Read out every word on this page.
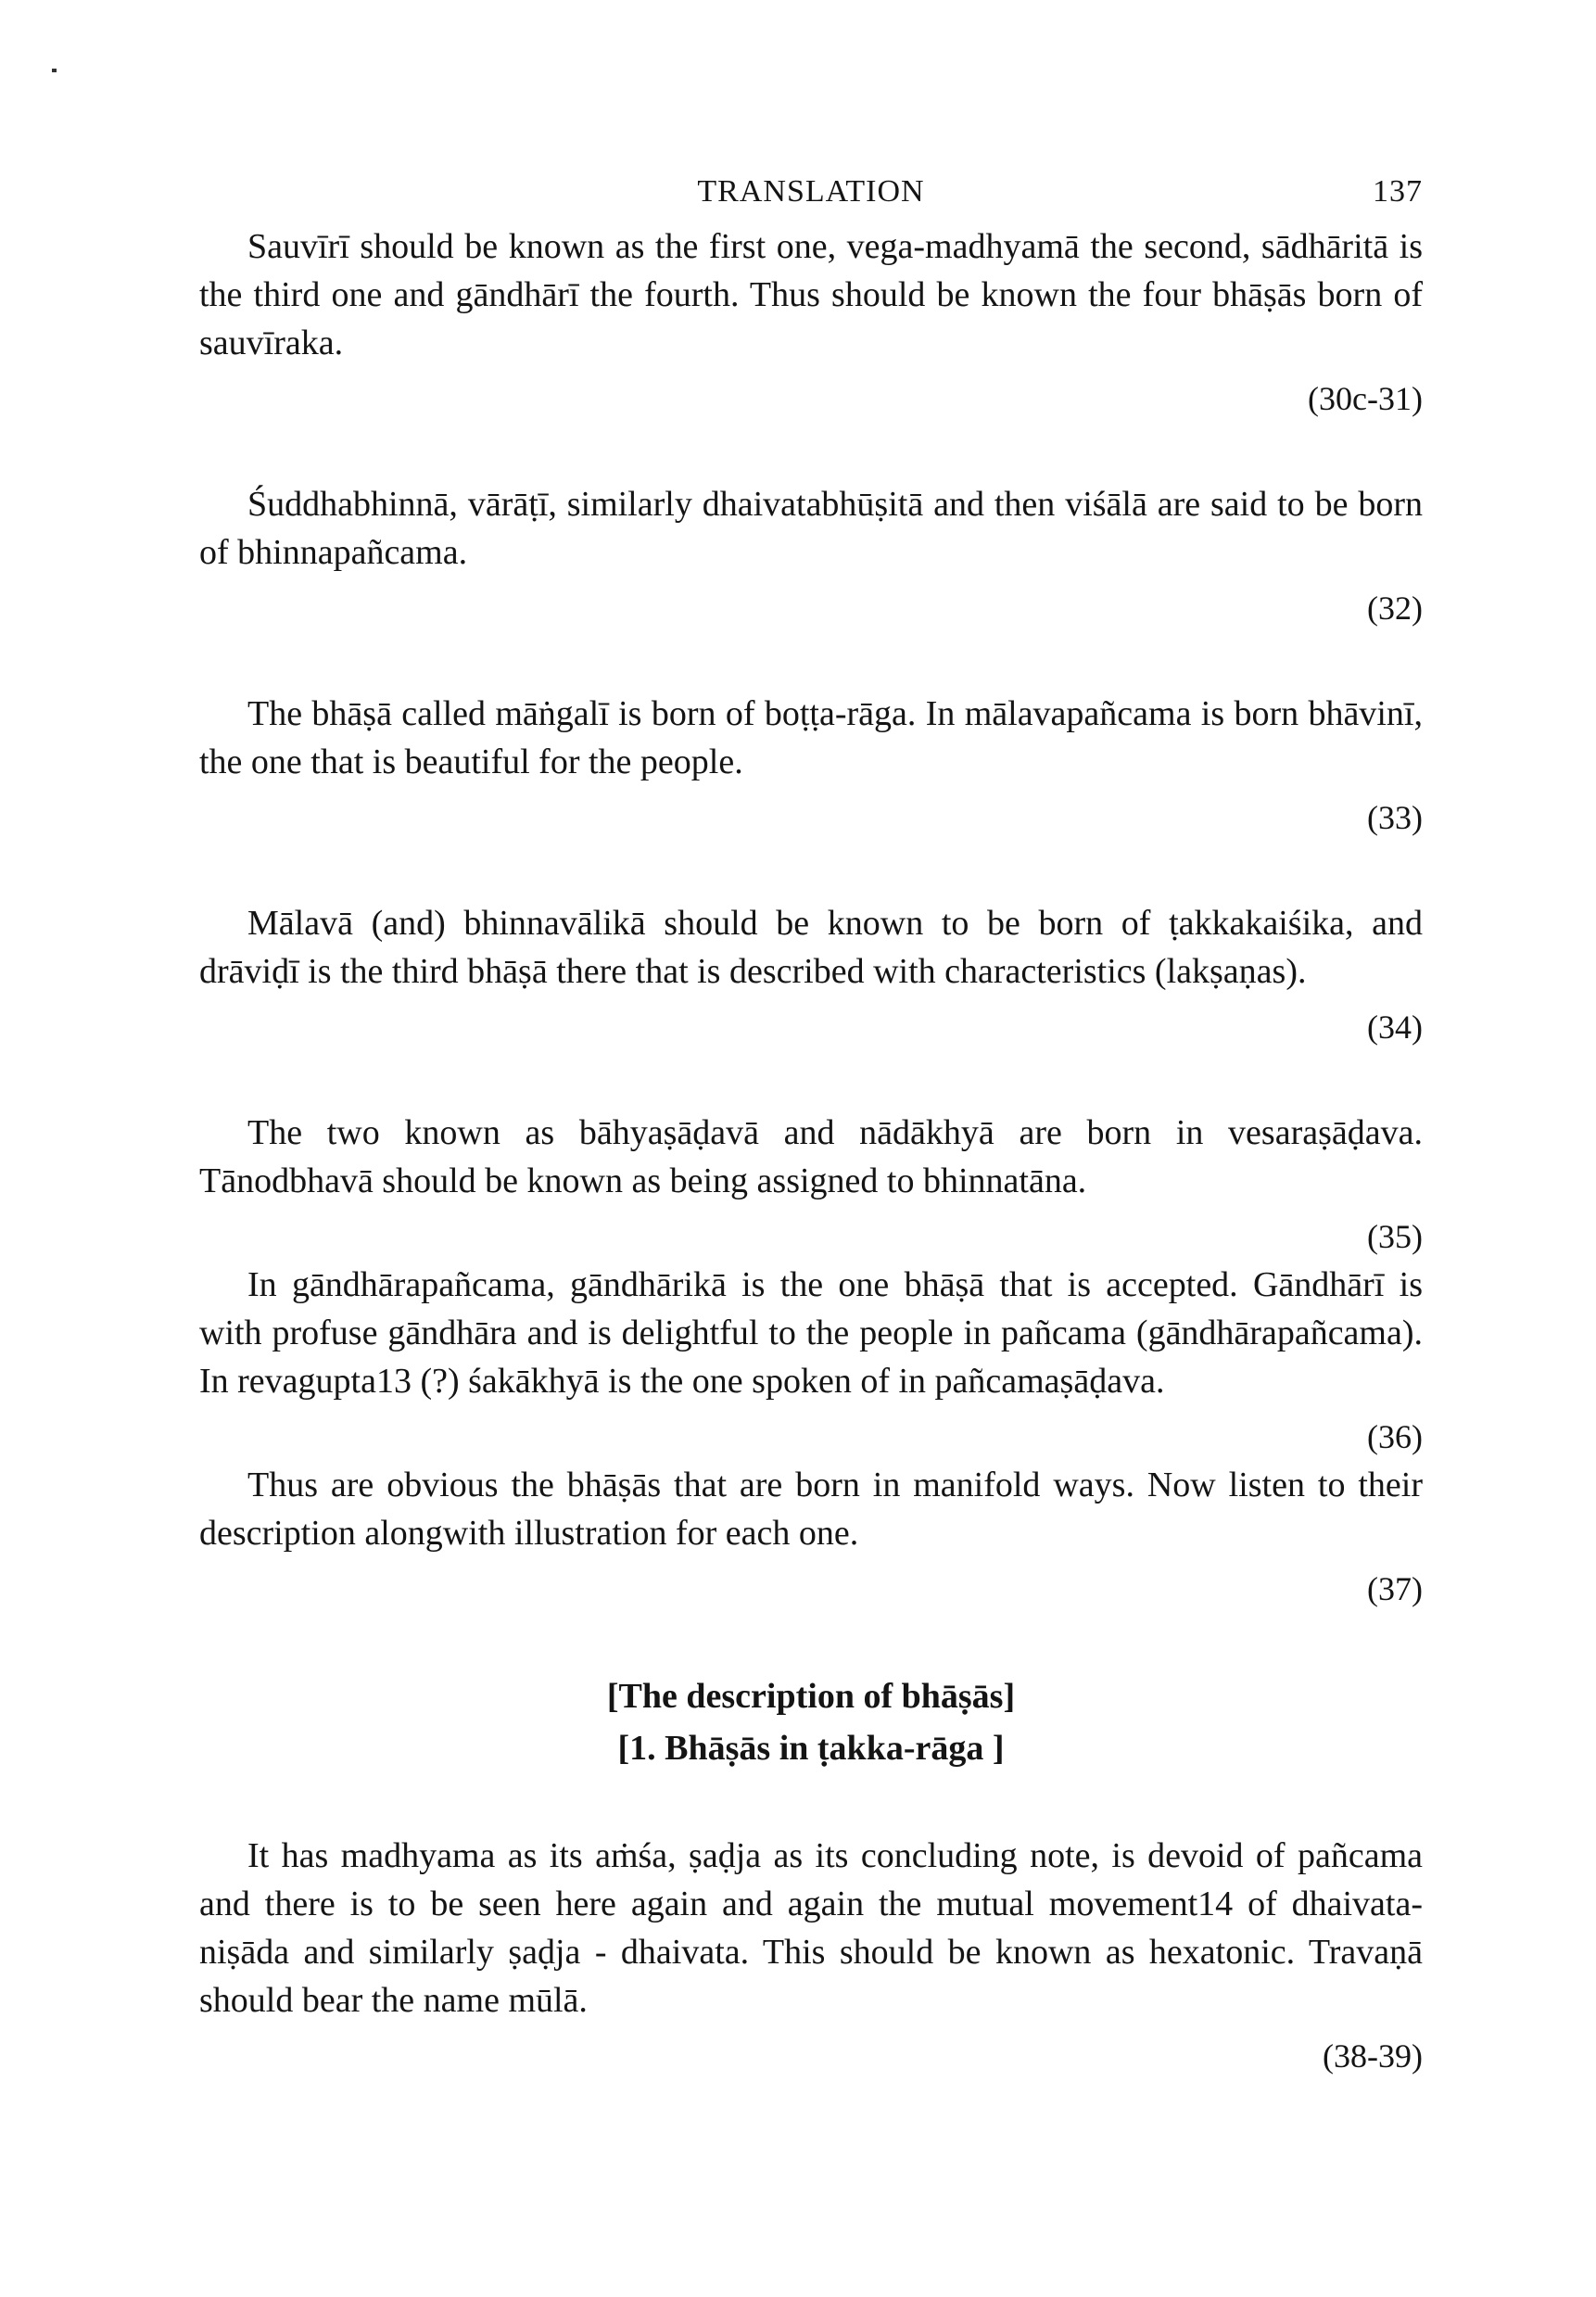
TRANSLATION	137

Sauvīrī should be known as the first one, vega-madhyamā the second, sādhāritā is the third one and gāndhārī the fourth. Thus should be known the four bhāṣās born of sauvīraka.

(30c-31)

Śuddhabhinnā, vārāṭī, similarly dhaivatabhūṣitā and then viśālā are said to be born of bhinnapañcama.

(32)

The bhāṣā called māṅgalī is born of boṭṭa-rāga. In mālavapañcama is born bhāvinī, the one that is beautiful for the people.

(33)

Mālavā (and) bhinnavālikā should be known to be born of ṭakkakaiśika, and drāviḍī is the third bhāṣā there that is described with characteristics (lakṣaṇas).

(34)

The two known as bāhyaṣāḍavā and nādākhyā are born in vesaraṣāḍava. Tānodbhavā should be known as being assigned to bhinnatāna.

(35)

In gāndhārapañcama, gāndhārikā is the one bhāṣā that is accepted. Gāndhārī is with profuse gāndhāra and is delightful to the people in pañcama (gāndhārapañcama). In revagupta13 (?) śakākhyā is the one spoken of in pañcamaṣāḍava.

(36)

Thus are obvious the bhāṣās that are born in manifold ways. Now listen to their description alongwith illustration for each one.

(37)

[The description of bhāṣās]

[1. Bhāṣās in ṭakka-rāga ]

It has madhyama as its aṁśa, ṣaḍja as its concluding note, is devoid of pañcama and there is to be seen here again and again the mutual movement14 of dhaivata-niṣāda and similarly ṣaḍja - dhaivata. This should be known as hexatonic. Travaṇā should bear the name mūlā.

(38-39)
